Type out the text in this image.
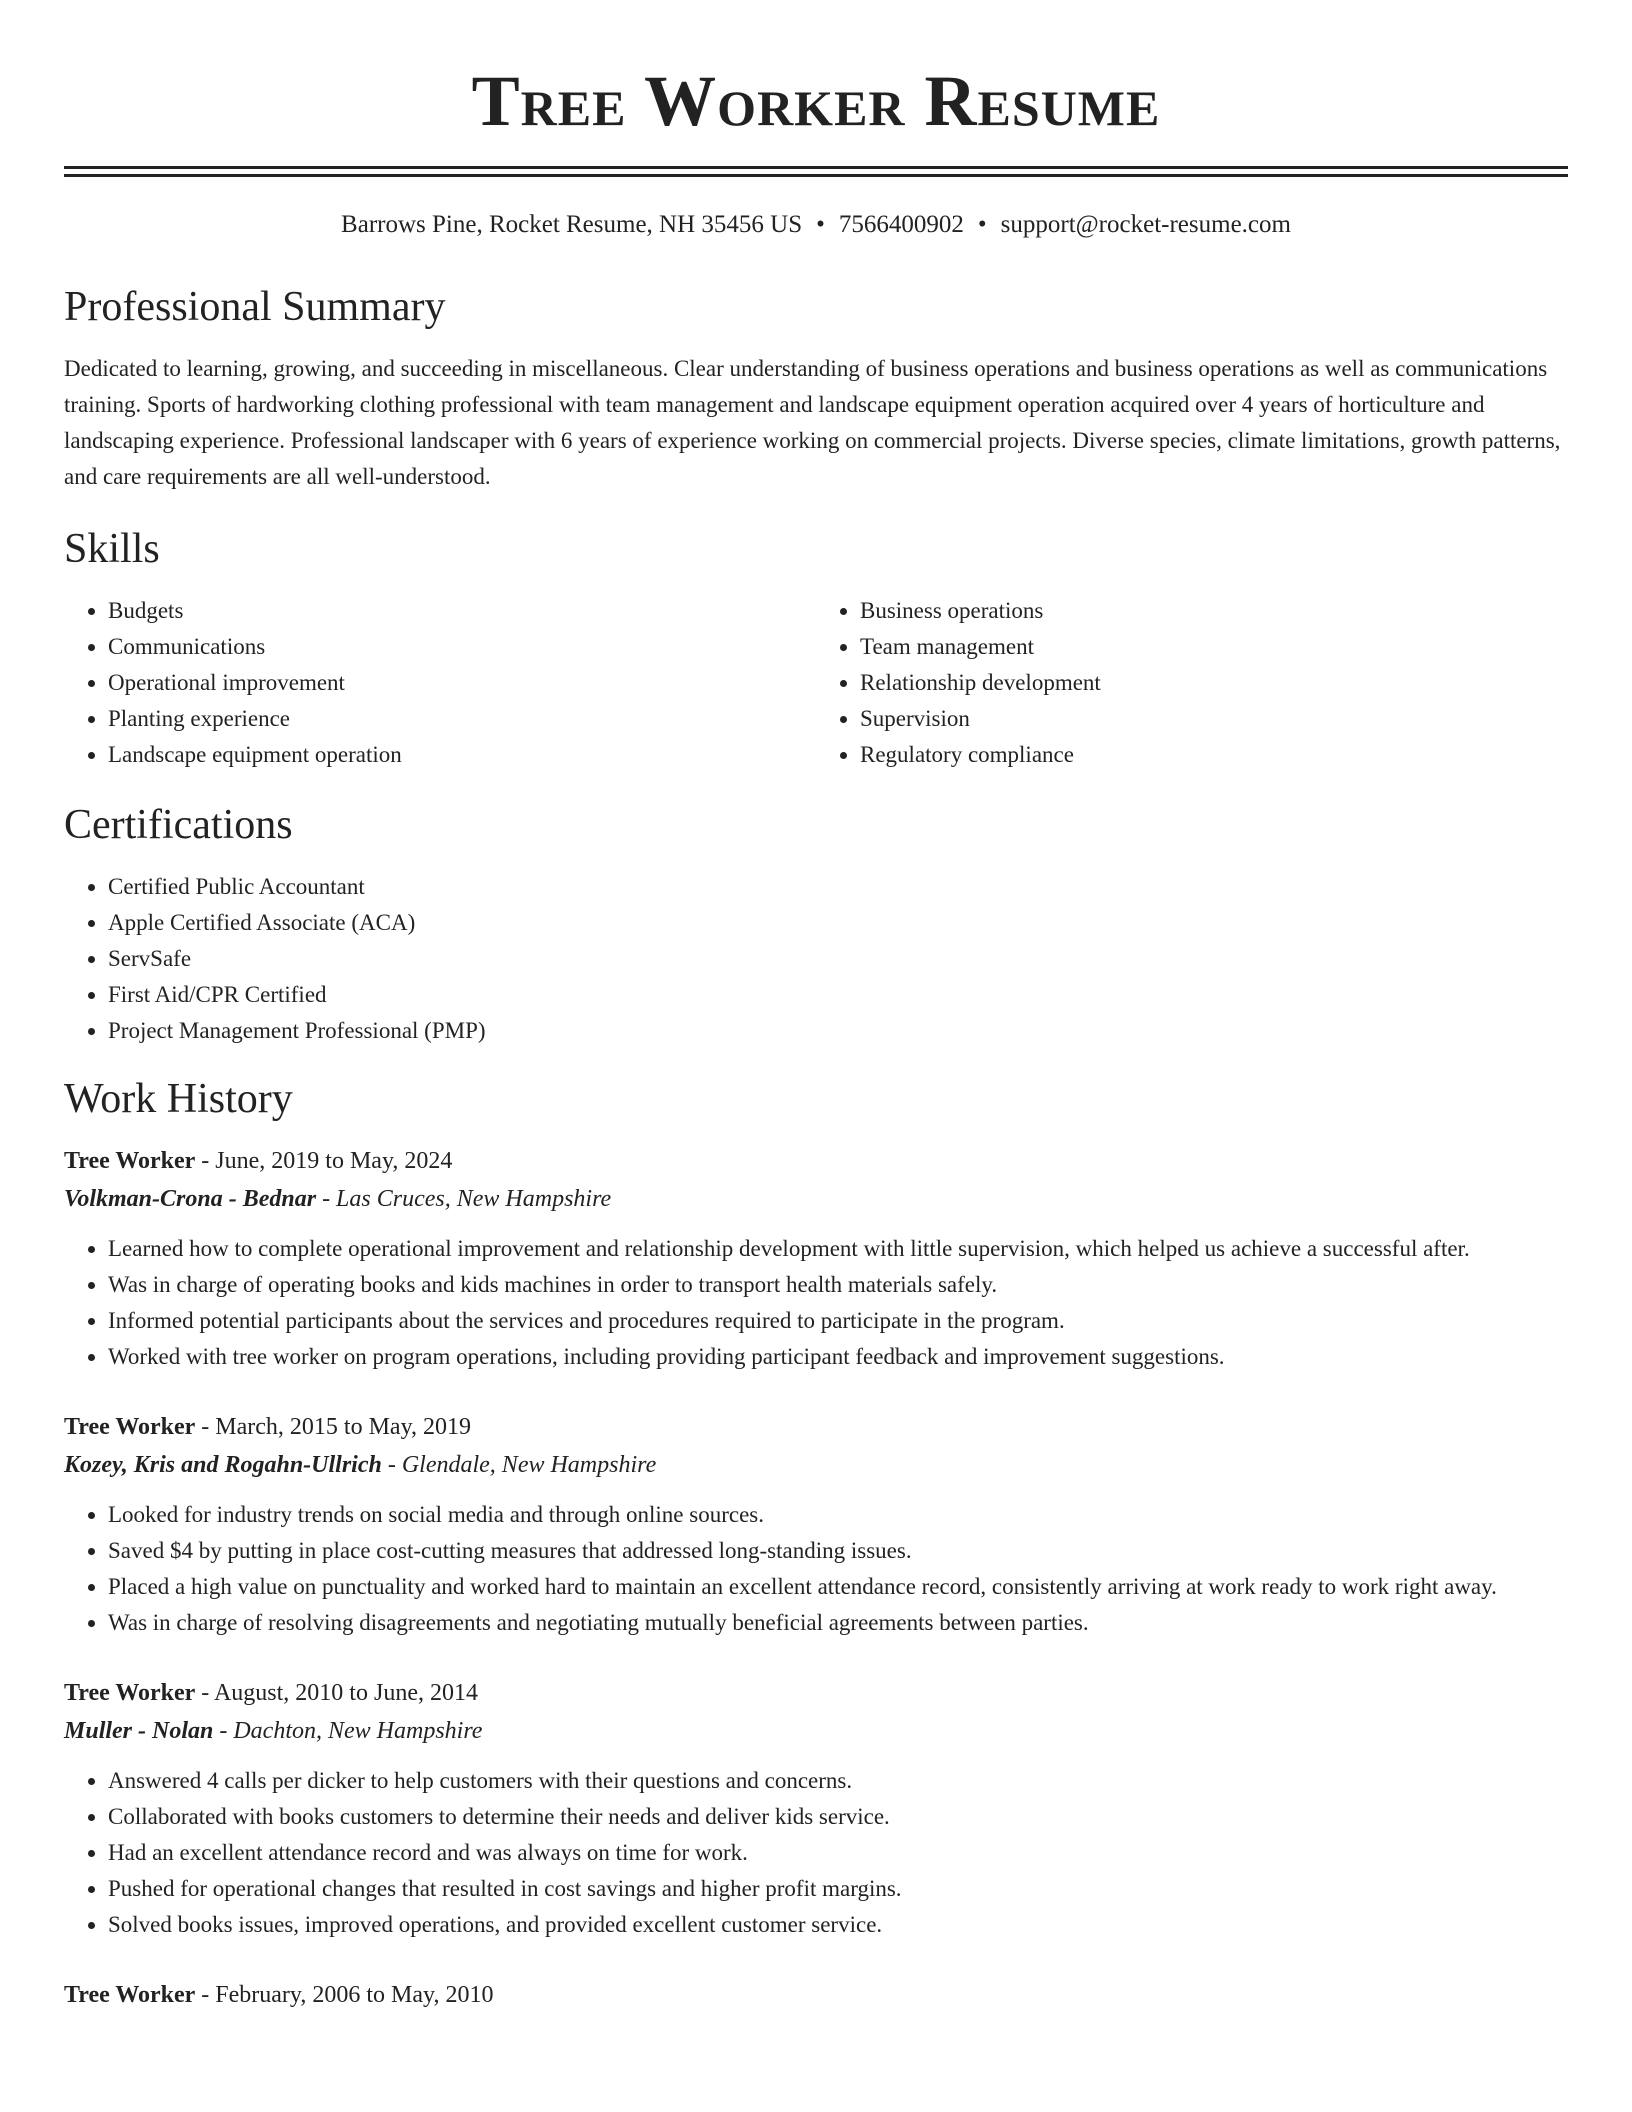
Tree Worker Resume
Barrows Pine, Rocket Resume, NH 35456 US • 7566400902 • support@rocket-resume.com
Professional Summary

Dedicated to learning, growing, and succeeding in miscellaneous. Clear understanding of business operations and business operations as well as communications training. Sports of hardworking clothing professional with team management and landscape equipment operation acquired over 4 years of horticulture and landscaping experience. Professional landscaper with 6 years of experience working on commercial projects. Diverse species, climate limitations, growth patterns, and care requirements are all well-understood.

Skills
• Budgets
• Communications
• Operational improvement
• Planting experience
• Landscape equipment operation
• Business operations
• Team management
• Relationship development
• Supervision
• Regulatory compliance
Certifications
• Certified Public Accountant
• Apple Certified Associate (ACA)
• ServSafe
• First Aid/CPR Certified
• Project Management Professional (PMP)
Work History
Tree Worker - June, 2019 to May, 2024
Volkman-Crona - Bednar - Las Cruces, New Hampshire
• Learned how to complete operational improvement and relationship development with little supervision, which helped us achieve a successful after.
• Was in charge of operating books and kids machines in order to transport health materials safely.
• Informed potential participants about the services and procedures required to participate in the program.
• Worked with tree worker on program operations, including providing participant feedback and improvement suggestions.
Tree Worker - March, 2015 to May, 2019
Kozey, Kris and Rogahn-Ullrich - Glendale, New Hampshire
• Looked for industry trends on social media and through online sources.
• Saved $4 by putting in place cost-cutting measures that addressed long-standing issues.
• Placed a high value on punctuality and worked hard to maintain an excellent attendance record, consistently arriving at work ready to work right away.
• Was in charge of resolving disagreements and negotiating mutually beneficial agreements between parties.
Tree Worker - August, 2010 to June, 2014
Muller - Nolan - Dachton, New Hampshire
• Answered 4 calls per dicker to help customers with their questions and concerns.
• Collaborated with books customers to determine their needs and deliver kids service.
• Had an excellent attendance record and was always on time for work.
• Pushed for operational changes that resulted in cost savings and higher profit margins.
• Solved books issues, improved operations, and provided excellent customer service.
Tree Worker - February, 2006 to May, 2010
